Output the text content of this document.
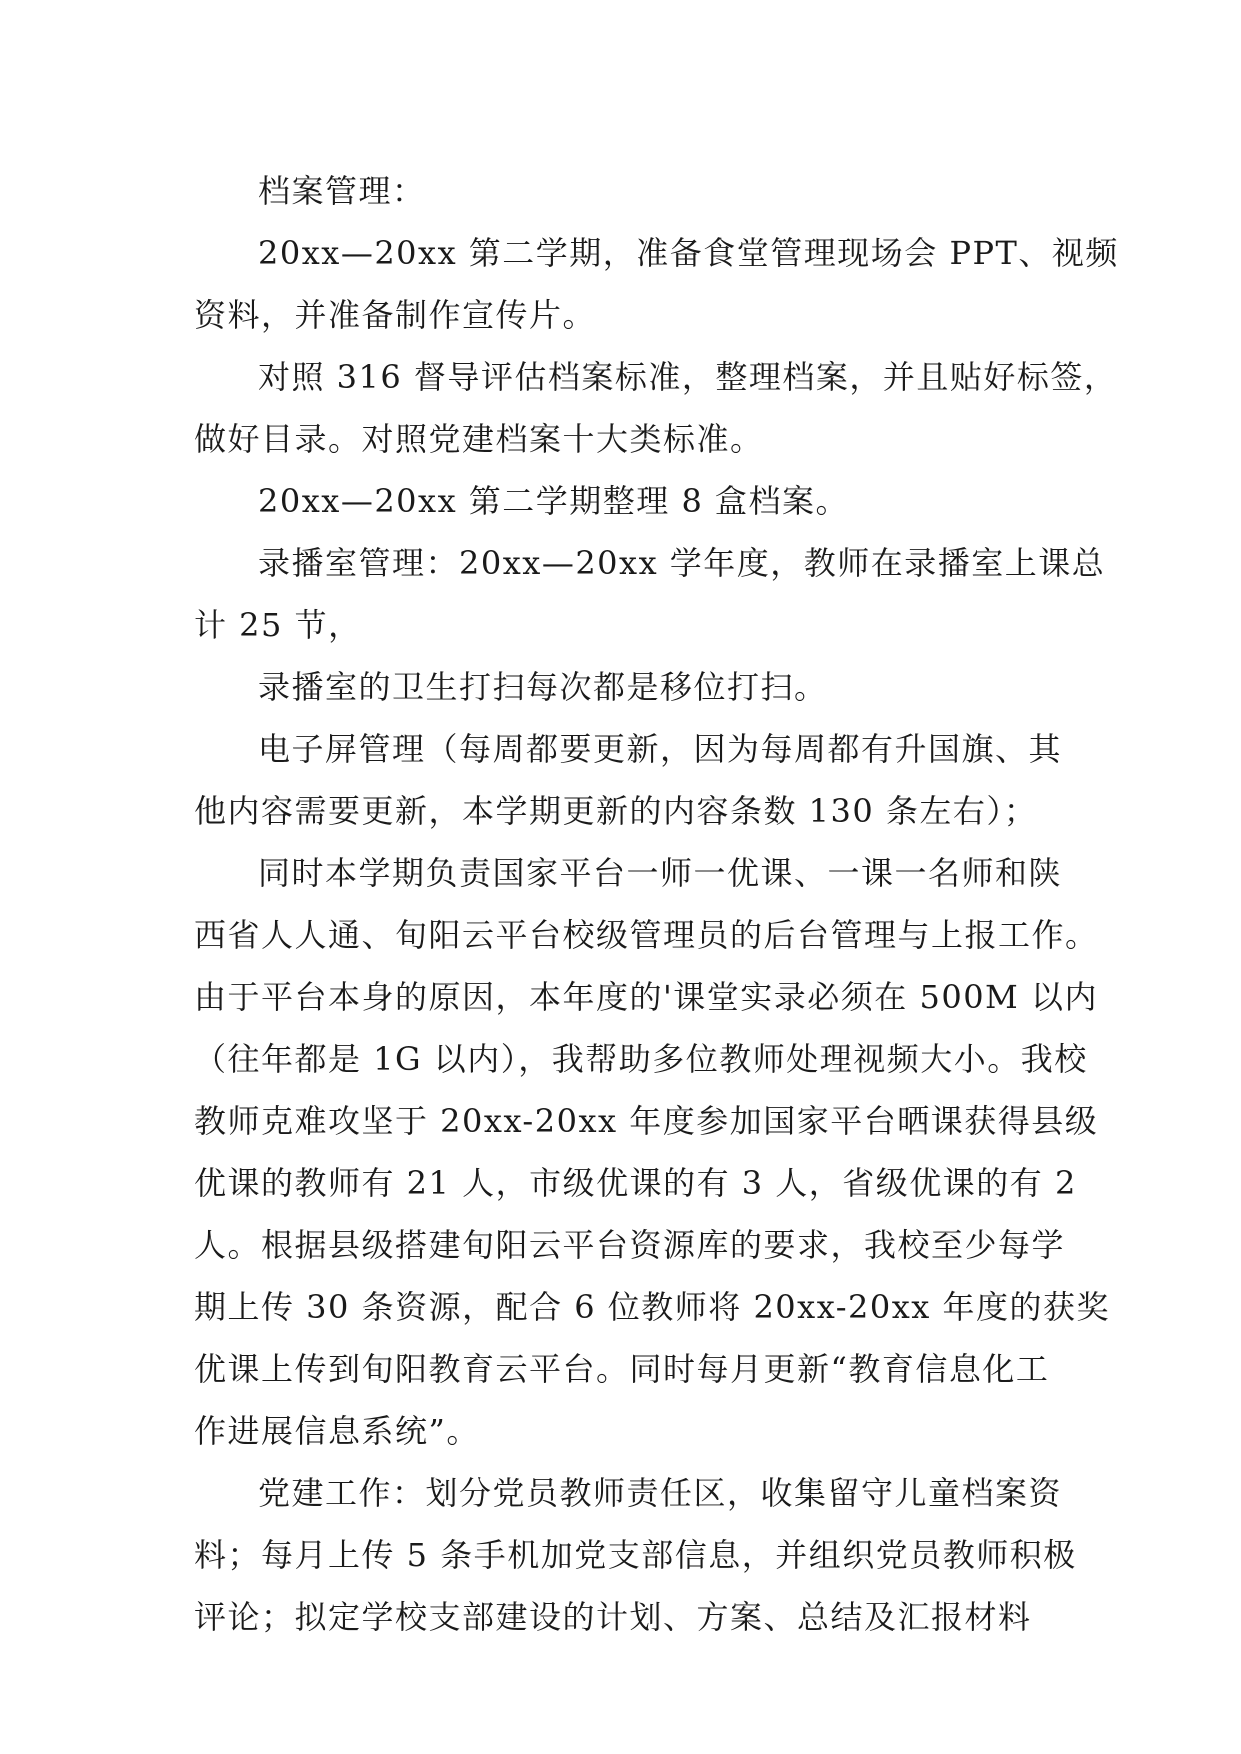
档案管理：
20xx—20xx 第二学期，准备食堂管理现场会 PPT、视频
资料，并准备制作宣传片。
对照 316 督导评估档案标准，整理档案，并且贴好标签，
做好目录。对照党建档案十大类标准。
20xx—20xx 第二学期整理 8 盒档案。
录播室管理：20xx—20xx 学年度，教师在录播室上课总
计 25 节，
录播室的卫生打扫每次都是移位打扫。
电子屏管理（每周都要更新，因为每周都有升国旗、其
他内容需要更新，本学期更新的内容条数 130 条左右）；
同时本学期负责国家平台一师一优课、一课一名师和陕
西省人人通、旬阳云平台校级管理员的后台管理与上报工作。
由于平台本身的原因，本年度的'课堂实录必须在 500M 以内
（往年都是 1G 以内），我帮助多位教师处理视频大小。我校
教师克难攻坚于 20xx-20xx 年度参加国家平台晒课获得县级
优课的教师有 21 人，市级优课的有 3 人，省级优课的有 2
人。根据县级搭建旬阳云平台资源库的要求，我校至少每学
期上传 30 条资源，配合 6 位教师将 20xx-20xx 年度的获奖
优课上传到旬阳教育云平台。同时每月更新“教育信息化工
作进展信息系统”。
党建工作：划分党员教师责任区，收集留守儿童档案资
料；每月上传 5 条手机加党支部信息，并组织党员教师积极
评论；拟定学校支部建设的计划、方案、总结及汇报材料
